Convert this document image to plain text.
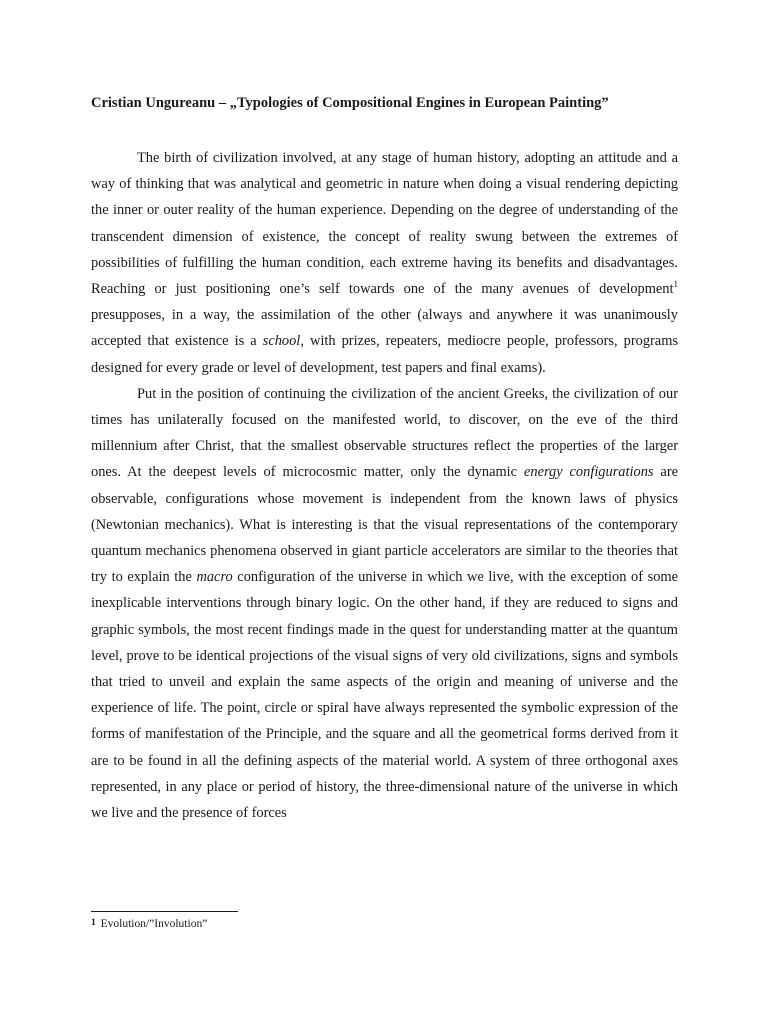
Cristian Ungureanu – „Typologies of Compositional Engines in European Painting”

The birth of civilization involved, at any stage of human history, adopting an attitude and a way of thinking that was analytical and geometric in nature when doing a visual rendering depicting the inner or outer reality of the human experience. Depending on the degree of understanding of the transcendent dimension of existence, the concept of reality swung between the extremes of possibilities of fulfilling the human condition, each extreme having its benefits and disadvantages. Reaching or just positioning one’s self towards one of the many avenues of development$^1$ presupposes, in a way, the assimilation of the other (always and anywhere it was unanimously accepted that existence is a school, with prizes, repeaters, mediocre people, professors, programs designed for every grade or level of development, test papers and final exams).

Put in the position of continuing the civilization of the ancient Greeks, the civilization of our times has unilaterally focused on the manifested world, to discover, on the eve of the third millennium after Christ, that the smallest observable structures reflect the properties of the larger ones. At the deepest levels of microcosmic matter, only the dynamic energy configurations are observable, configurations whose movement is independent from the known laws of physics (Newtonian mechanics). What is interesting is that the visual representations of the contemporary quantum mechanics phenomena observed in giant particle accelerators are similar to the theories that try to explain the macro configuration of the universe in which we live, with the exception of some inexplicable interventions through binary logic. On the other hand, if they are reduced to signs and graphic symbols, the most recent findings made in the quest for understanding matter at the quantum level, prove to be identical projections of the visual signs of very old civilizations, signs and symbols that tried to unveil and explain the same aspects of the origin and meaning of universe and the experience of life. The point, circle or spiral have always represented the symbolic expression of the forms of manifestation of the Principle, and the square and all the geometrical forms derived from it are to be found in all the defining aspects of the material world. A system of three orthogonal axes represented, in any place or period of history, the three-dimensional nature of the universe in which we live and the presence of forces

1 Evolution/”Involution”
